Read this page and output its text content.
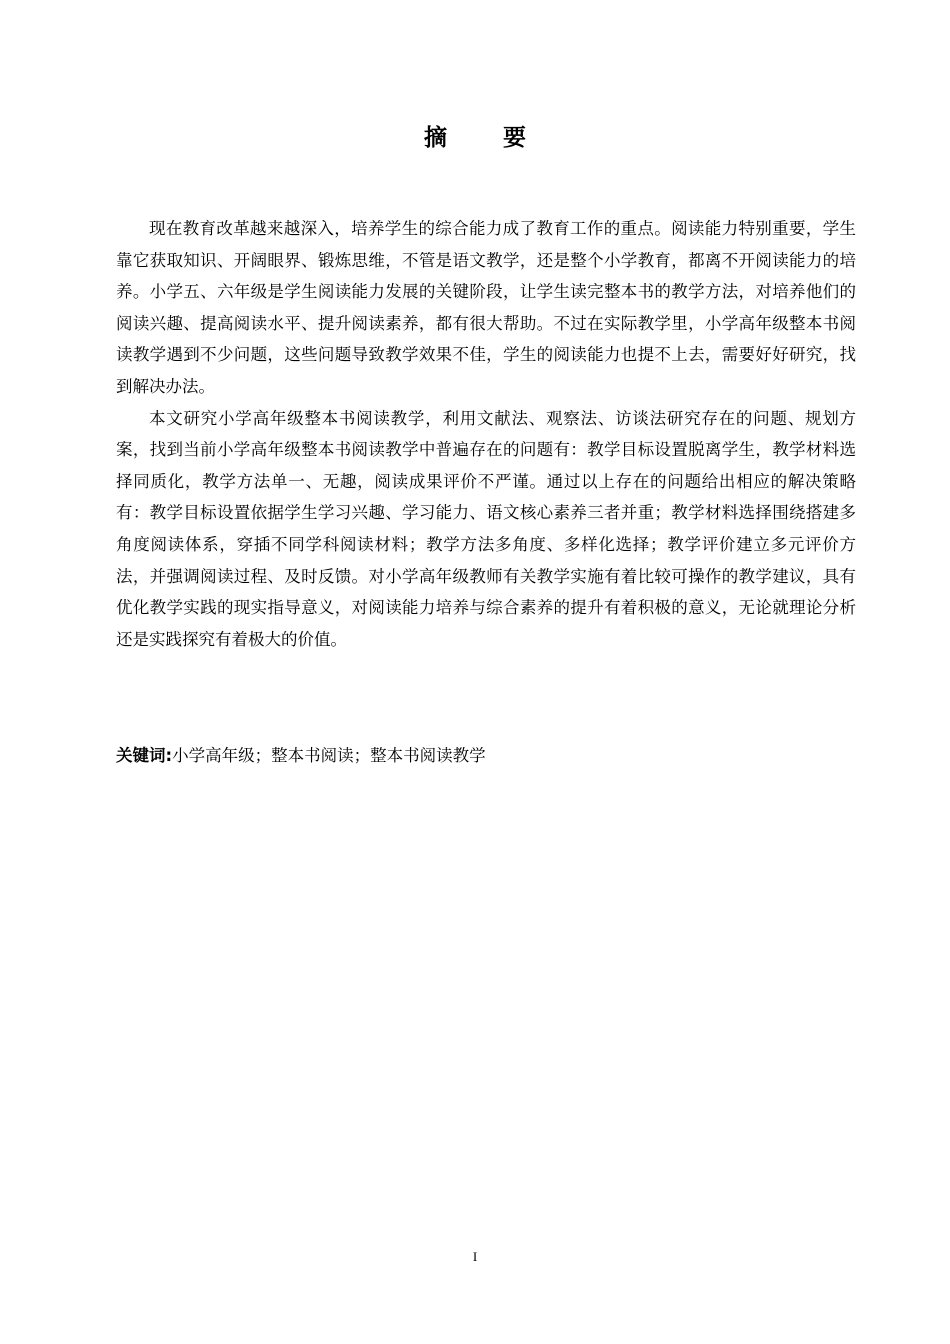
摘 要

现在教育改革越来越深入，培养学生的综合能力成了教育工作的重点。阅读能力特别重要，学生靠它获取知识、开阔眼界、锻炼思维，不管是语文教学，还是整个小学教育，都离不开阅读能力的培养。小学五、六年级是学生阅读能力发展的关键阶段，让学生读完整本书的教学方法，对培养他们的阅读兴趣、提高阅读水平、提升阅读素养，都有很大帮助。不过在实际教学里，小学高年级整本书阅读教学遇到不少问题，这些问题导致教学效果不佳，学生的阅读能力也提不上去，需要好好研究，找到解决办法。

本文研究小学高年级整本书阅读教学，利用文献法、观察法、访谈法研究存在的问题、规划方案，找到当前小学高年级整本书阅读教学中普遍存在的问题有：教学目标设置脱离学生，教学材料选择同质化，教学方法单一、无趣，阅读成果评价不严谨。通过以上存在的问题给出相应的解决策略有：教学目标设置依据学生学习兴趣、学习能力、语文核心素养三者并重；教学材料选择围绕搭建多角度阅读体系，穿插不同学科阅读材料；教学方法多角度、多样化选择；教学评价建立多元评价方法，并强调阅读过程、及时反馈。对小学高年级教师有关教学实施有着比较可操作的教学建议，具有优化教学实践的现实指导意义，对阅读能力培养与综合素养的提升有着积极的意义，无论就理论分析还是实践探究有着极大的价值。

关键词:小学高年级；整本书阅读；整本书阅读教学
I
